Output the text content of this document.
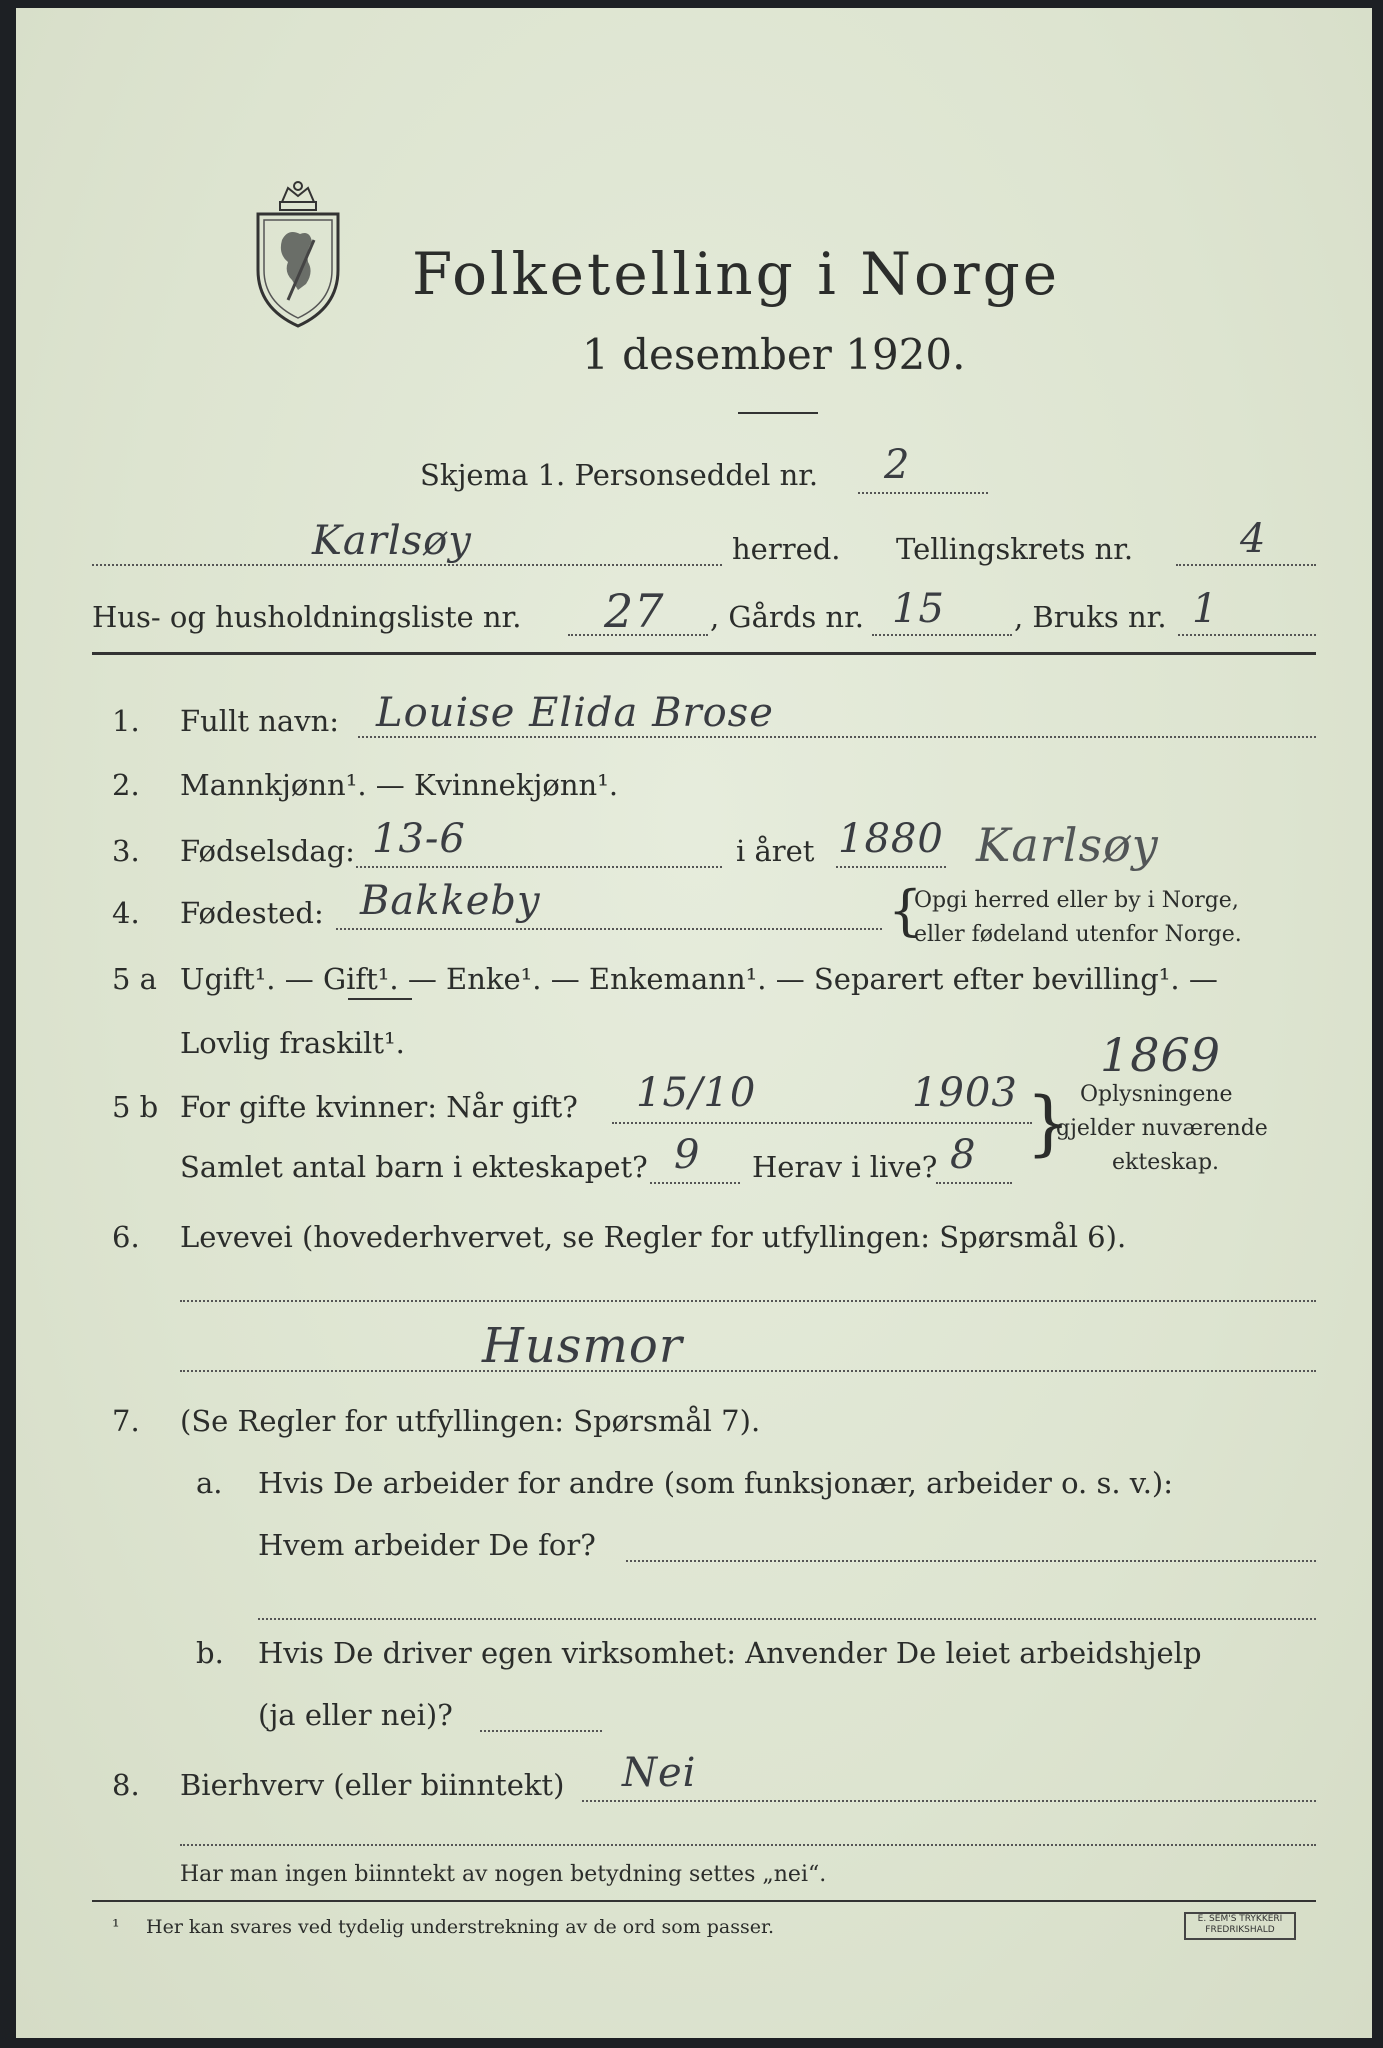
Folketelling i Norge
1 desember 1920.
Skjema 1. Personseddel nr. 2
Karlsøy	herred. Tellingskrets nr.	4
Hus- og husholdningsliste nr. 27 , Gårds nr. 15 , Bruks nr. 1
1. Fullt navn: Louise Elida Brose
2. Mannkjønn¹. — Kvinnekjønn¹.
3. Fødselsdag: 13-6	i året 1880 Karlsøy
4. Fødested: Bakkeby	{
Opgi herred eller by i Norge,
eller fødeland utenfor Norge.
5 a Ugift¹. — Gift¹. — Enke¹. — Enkemann¹. — Separert efter bevilling¹. —
Lovlig fraskilt¹.	1869
5 b For gifte kvinner: Når gift? 15/10	1903
Samlet antal barn i ekteskapet? 9 Herav i live? 8 } Oplysningene
gjelder nuværende
ekteskap.
6. Levevei (hovederhvervet, se Regler for utfyllingen: Spørsmål 6).
Husmor
7. (Se Regler for utfyllingen: Spørsmål 7).
a. Hvis De arbeider for andre (som funksjonær, arbeider o. s. v.):
Hvem arbeider De for?
b. Hvis De driver egen virksomhet: Anvender De leiet arbeidshjelp
(ja eller nei)?
8. Bierhverv (eller biinntekt) Nei
Har man ingen biinntekt av nogen betydning settes „nei“.
¹ Her kan svares ved tydelig understrekning av de ord som passer.	E. SEM'S TRYKKERI FREDRIKSHALD
